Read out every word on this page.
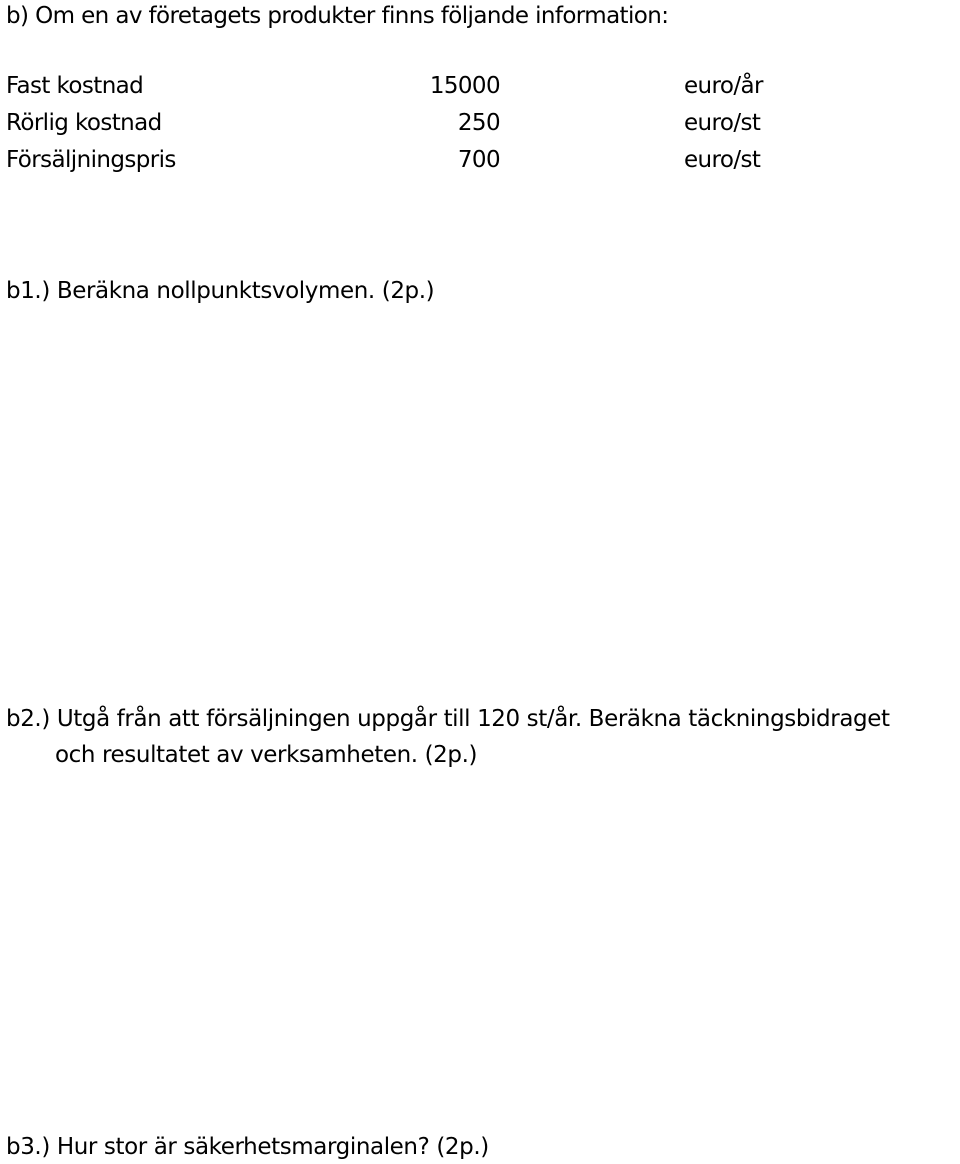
b) Om en av företagets produkter finns följande information:
Fast kostnad	15000	euro/år
Rörlig kostnad	250	euro/st
Försäljningspris	700	euro/st
b1.) Beräkna nollpunktsvolymen. (2p.)
b2.) Utgå från att försäljningen uppgår till 120 st/år. Beräkna täckningsbidraget
och resultatet av verksamheten. (2p.)
b3.) Hur stor är säkerhetsmarginalen? (2p.)
